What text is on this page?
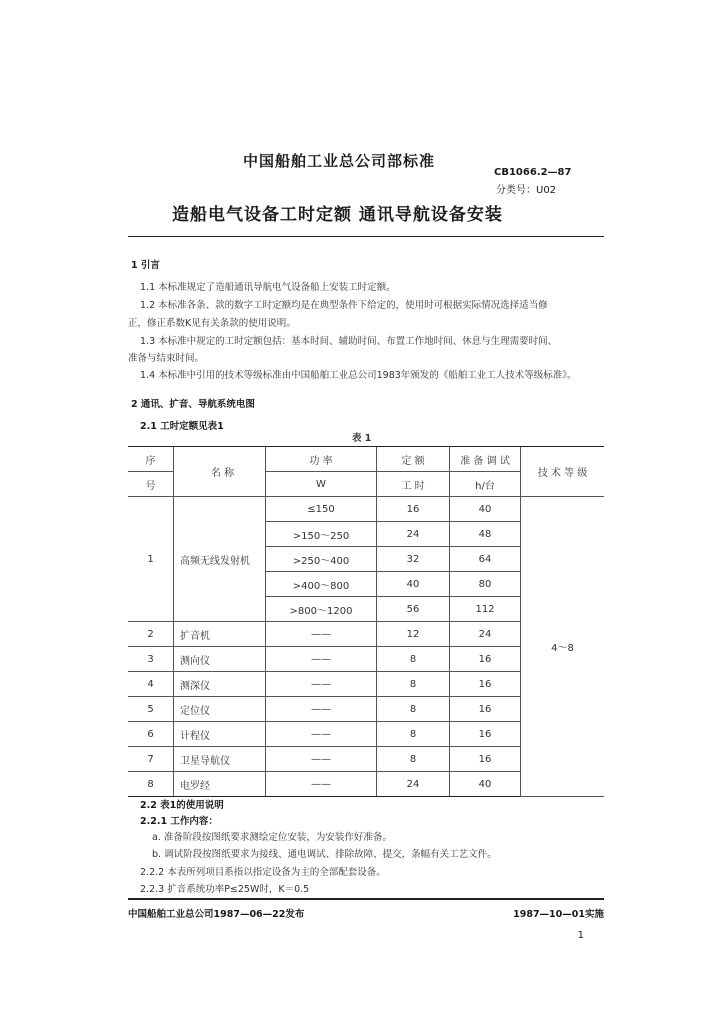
中国船舶工业总公司部标准
CB1066.2—87
分类号：U02
造船电气设备工时定额 通讯导航设备安装
1 引言
1.1 本标准规定了造船通讯导航电气设备船上安装工时定额。
1.2 本标准各条、款的数字工时定额均是在典型条件下给定的，使用时可根据实际情况选择适当修
正，修正系数K见有关条款的使用说明。
1.3 本标准中规定的工时定额包括：基本时间、辅助时间、布置工作地时间、休息与生理需要时间、
准备与结束时间。
1.4 本标准中引用的技术等级标准由中国船舶工业总公司1983年颁发的《船舶工业工人技术等级标准》。
2 通讯、扩音、导航系统电图
2.1 工时定额见表1
表 1
序	名 称	功 率	定 额	准 备 调 试	技 术 等 级
号		W	工 时	h/台	
1	高频无线发射机	≤150	16	40	4～8
		>150～250	24	48	
		>250～400	32	64	
		>400～800	40	80	
		>800～1200	56	112	
2	扩音机	——	12	24	
3	测向仪	——	8	16	
4	测深仪	——	8	16	
5	定位仪	——	8	16	
6	计程仪	——	8	16	
7	卫星导航仪	——	8	16	
8	电罗经	——	24	40	
2.2 表1的使用说明
2.2.1 工作内容：
a. 准备阶段按图纸要求测绘定位安装，为安装作好准备。
b. 调试阶段按图纸要求为接线、通电调试、排除故障、提交，条幅有关工艺文件。
2.2.2 本表所列项目系指以指定设备为主的全部配套设备。
2.2.3 扩音系统功率P≤25W时，K＝0.5
中国船舶工业总公司1987—06—22发布	1987—10—01实施
1
